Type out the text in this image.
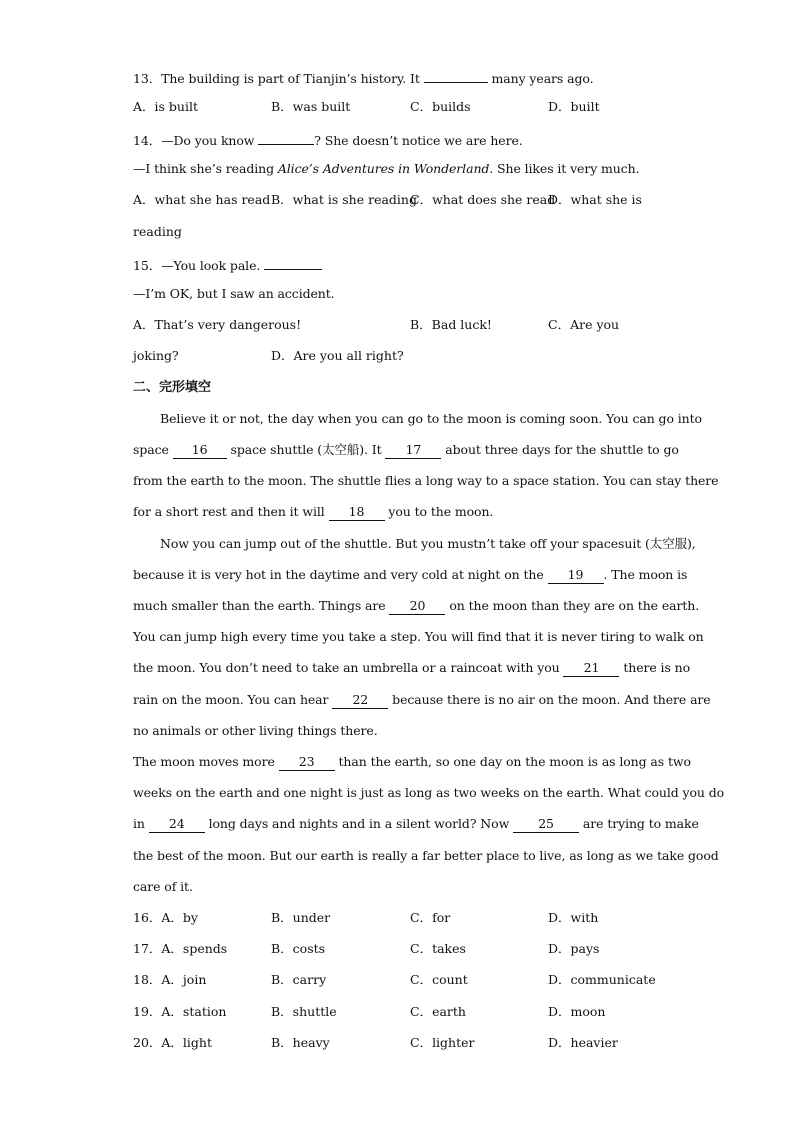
13．The building is part of Tianjin’s history. It	many years ago.
A．is built	B．was built	C．builds	D．built
14．—Do you know	? She doesn’t notice we are here.
—I think she’s reading Alice’s Adventures in Wonderland. She likes it very much.
A．what she has read B．what is she reading
C．what does she read
D．what she is
reading
15．—You look pale.
—I’m OK, but I saw an accident.
A．That’s very dangerous!	B．Bad luck!	C．Are you
joking?	D．Are you all right?
二、完形填空
Believe it or not, the day when you can go to the moon is coming soon. You can go into
space 16 space shuttle (太空船). It 17 about three days for the shuttle to go
from the earth to the moon. The shuttle flies a long way to a space station. You can stay there
for a short rest and then it will 18 you to the moon.
Now you can jump out of the shuttle. But you mustn’t take off your spacesuit (太空服),
because it is very hot in the daytime and very cold at night on the 19 . The moon is
much smaller than the earth. Things are 20 on the moon than they are on the earth.
You can jump high every time you take a step. You will find that it is never tiring to walk on
the moon. You don’t need to take an umbrella or a raincoat with you 21 there is no
rain on the moon. You can hear 22 because there is no air on the moon. And there are
no animals or other living things there.
The moon moves more 23 than the earth, so one day on the moon is as long as two
weeks on the earth and one night is just as long as two weeks on the earth. What could you do
in 24 long days and nights and in a silent world? Now 25 are trying to make
the best of the moon. But our earth is really a far better place to live, as long as we take good
care of it.
16．A．by	B．under	C．for	D．with
17．A．spends	B．costs	C．takes	D．pays
18．A．join	B．carry	C．count	D．communicate
19．A．station	B．shuttle	C．earth	D．moon
20．A．light	B．heavy	C．lighter	D．heavier
